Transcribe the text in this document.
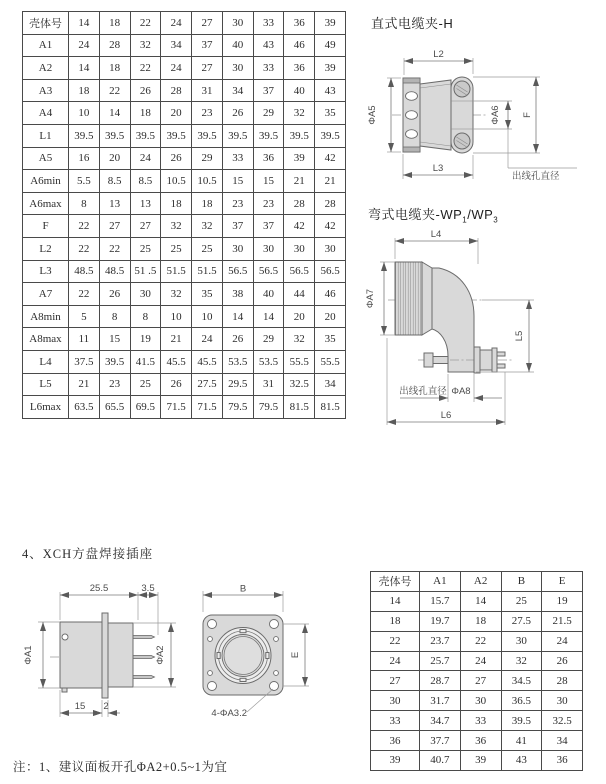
壳体号	14	18	22	24	27	30	33	36	39
A1	24	28	32	34	37	40	43	46	49
A2	14	18	22	24	27	30	33	36	39
A3	18	22	26	28	31	34	37	40	43
A4	10	14	18	20	23	26	29	32	35
L1	39.5	39.5	39.5	39.5	39.5	39.5	39.5	39.5	39.5
A5	16	20	24	26	29	33	36	39	42
A6min	5.5	8.5	8.5	10.5	10.5	15	15	21	21
A6max	8	13	13	18	18	23	23	28	28
F	22	27	27	32	32	37	37	42	42
L2	22	22	25	25	25	30	30	30	30
L3	48.5	48.5	51 .5	51.5	51.5	56.5	56.5	56.5	56.5
A7	22	26	30	32	35	38	40	44	46
A8min	5	8	8	10	10	14	14	20	20
A8max	11	15	19	21	24	26	29	32	35
L4	37.5	39.5	41.5	45.5	45.5	53.5	53.5	55.5	55.5
L5	21	23	25	26	27.5	29.5	31	32.5	34
L6max	63.5	65.5	69.5	71.5	71.5	79.5	79.5	81.5	81.5
直式电缆夹-H
L2
ΦA5	ΦA6 F
L3
出线孔直径
弯式电缆夹$-WP_1/WP_3$
L4
ΦA7
L5
出线孔直径 ΦA8
L6
4、XCH方盘焊接插座
25.5	3.5
ΦA1	ΦA2
15 2
B
E
4-ΦA3.2
壳体号	A1	A2	B	E
14	15.7	14	25	19
18	19.7	18	27.5	21.5
22	23.7	22	30	24
24	25.7	24	32	26
27	28.7	27	34.5	28
30	31.7	30	36.5	30
33	34.7	33	39.5	32.5
36	37.7	36	41	34
39	40.7	39	43	36
注：1、建议面板开孔ΦA2+0.5~1为宜
